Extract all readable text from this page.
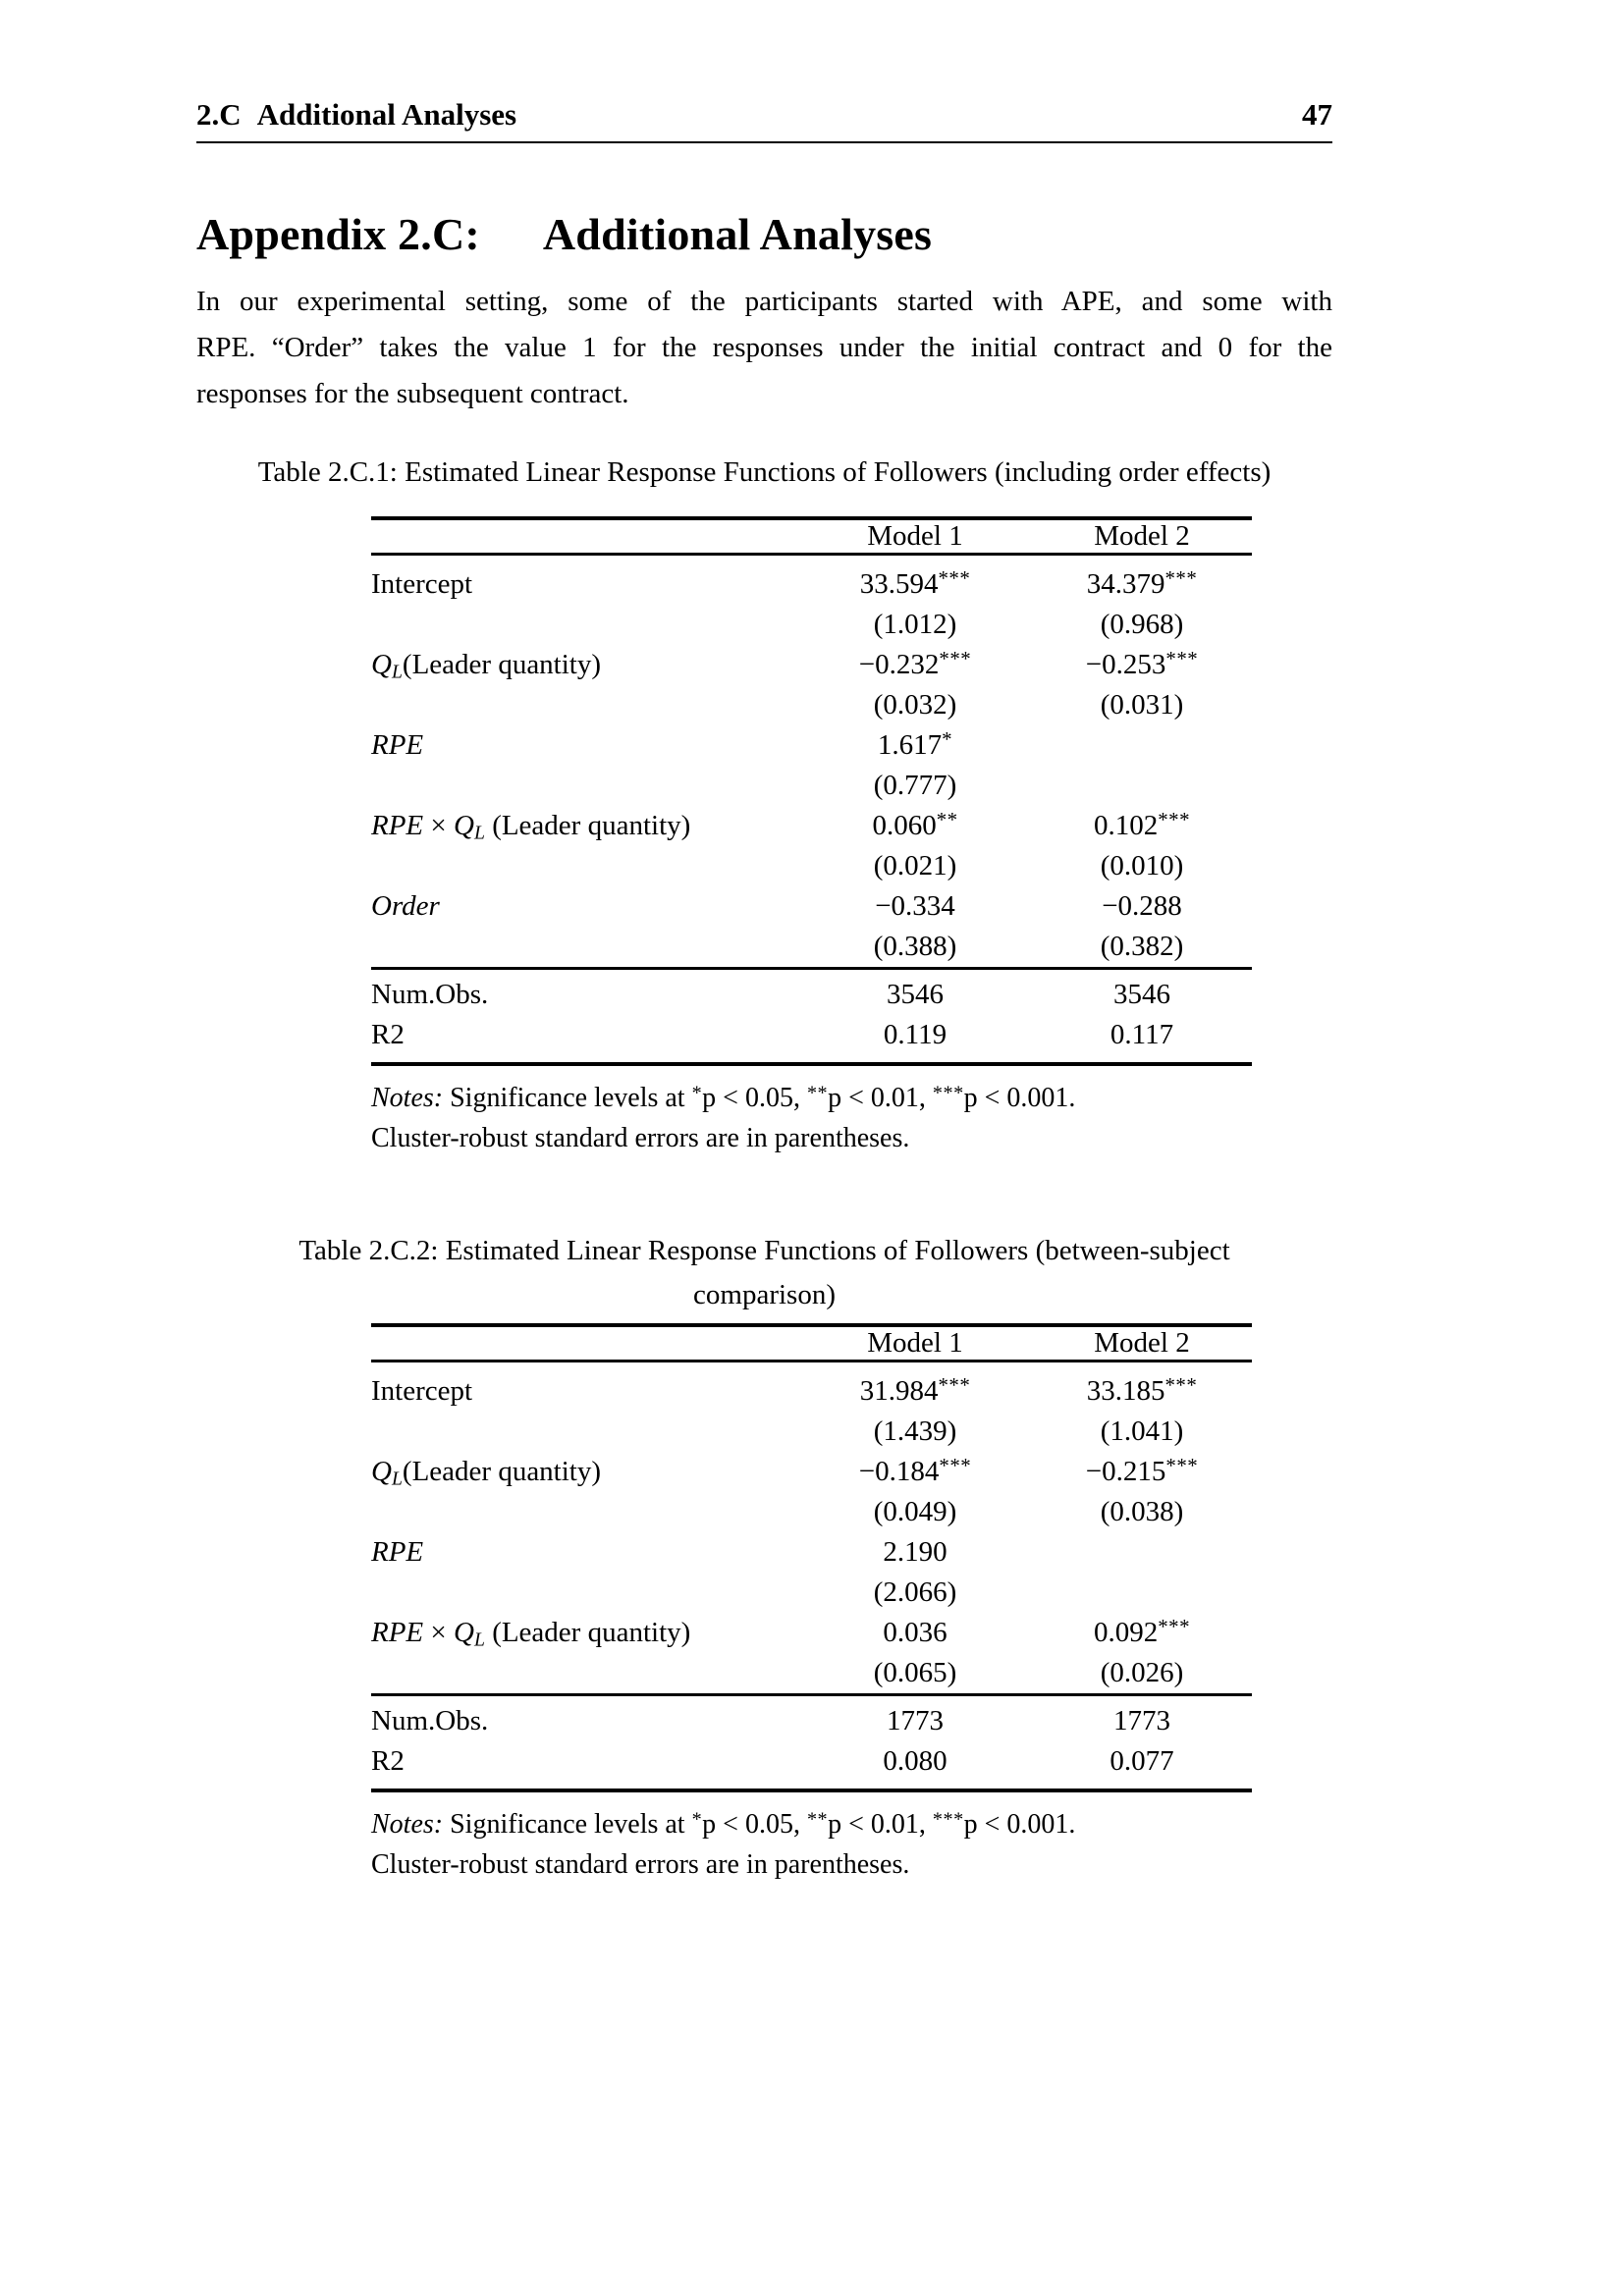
2.C Additional Analyses	47
Appendix 2.C: Additional Analyses
In our experimental setting, some of the participants started with APE, and some with
RPE. “Order” takes the value 1 for the responses under the initial contract and 0 for the
responses for the subsequent contract.
Table 2.C.1: Estimated Linear Response Functions of Followers (including order effects)
	Model 1	Model 2
Intercept	33.594***	34.379***
	(1.012)	(0.968)
$Q_L(Leader$ quantity)	−0.232***	−0.253***
	(0.032)	(0.031)
RPE	1.617*	
	(0.777)	
RPE × $Q_L$ (Leader quantity)	0.060**	0.102***
	(0.021)	(0.010)
Order	−0.334	−0.288
	(0.388)	(0.382)
Num.Obs.	3546	3546
R2	0.119	0.117
Notes: Significance levels at *p < 0.05, **p < 0.01, ***p < 0.001.
Cluster-robust standard errors are in parentheses.
Table 2.C.2: Estimated Linear Response Functions of Followers (between-subject
comparison)
	Model 1	Model 2
Intercept	31.984***	33.185***
	(1.439)	(1.041)
$Q_L(Leader$ quantity)	−0.184***	−0.215***
	(0.049)	(0.038)
RPE	2.190	
	(2.066)	
RPE × $Q_L$ (Leader quantity)	0.036	0.092***
	(0.065)	(0.026)
Num.Obs.	1773	1773
R2	0.080	0.077
Notes: Significance levels at *p < 0.05, **p < 0.01, ***p < 0.001.
Cluster-robust standard errors are in parentheses.
